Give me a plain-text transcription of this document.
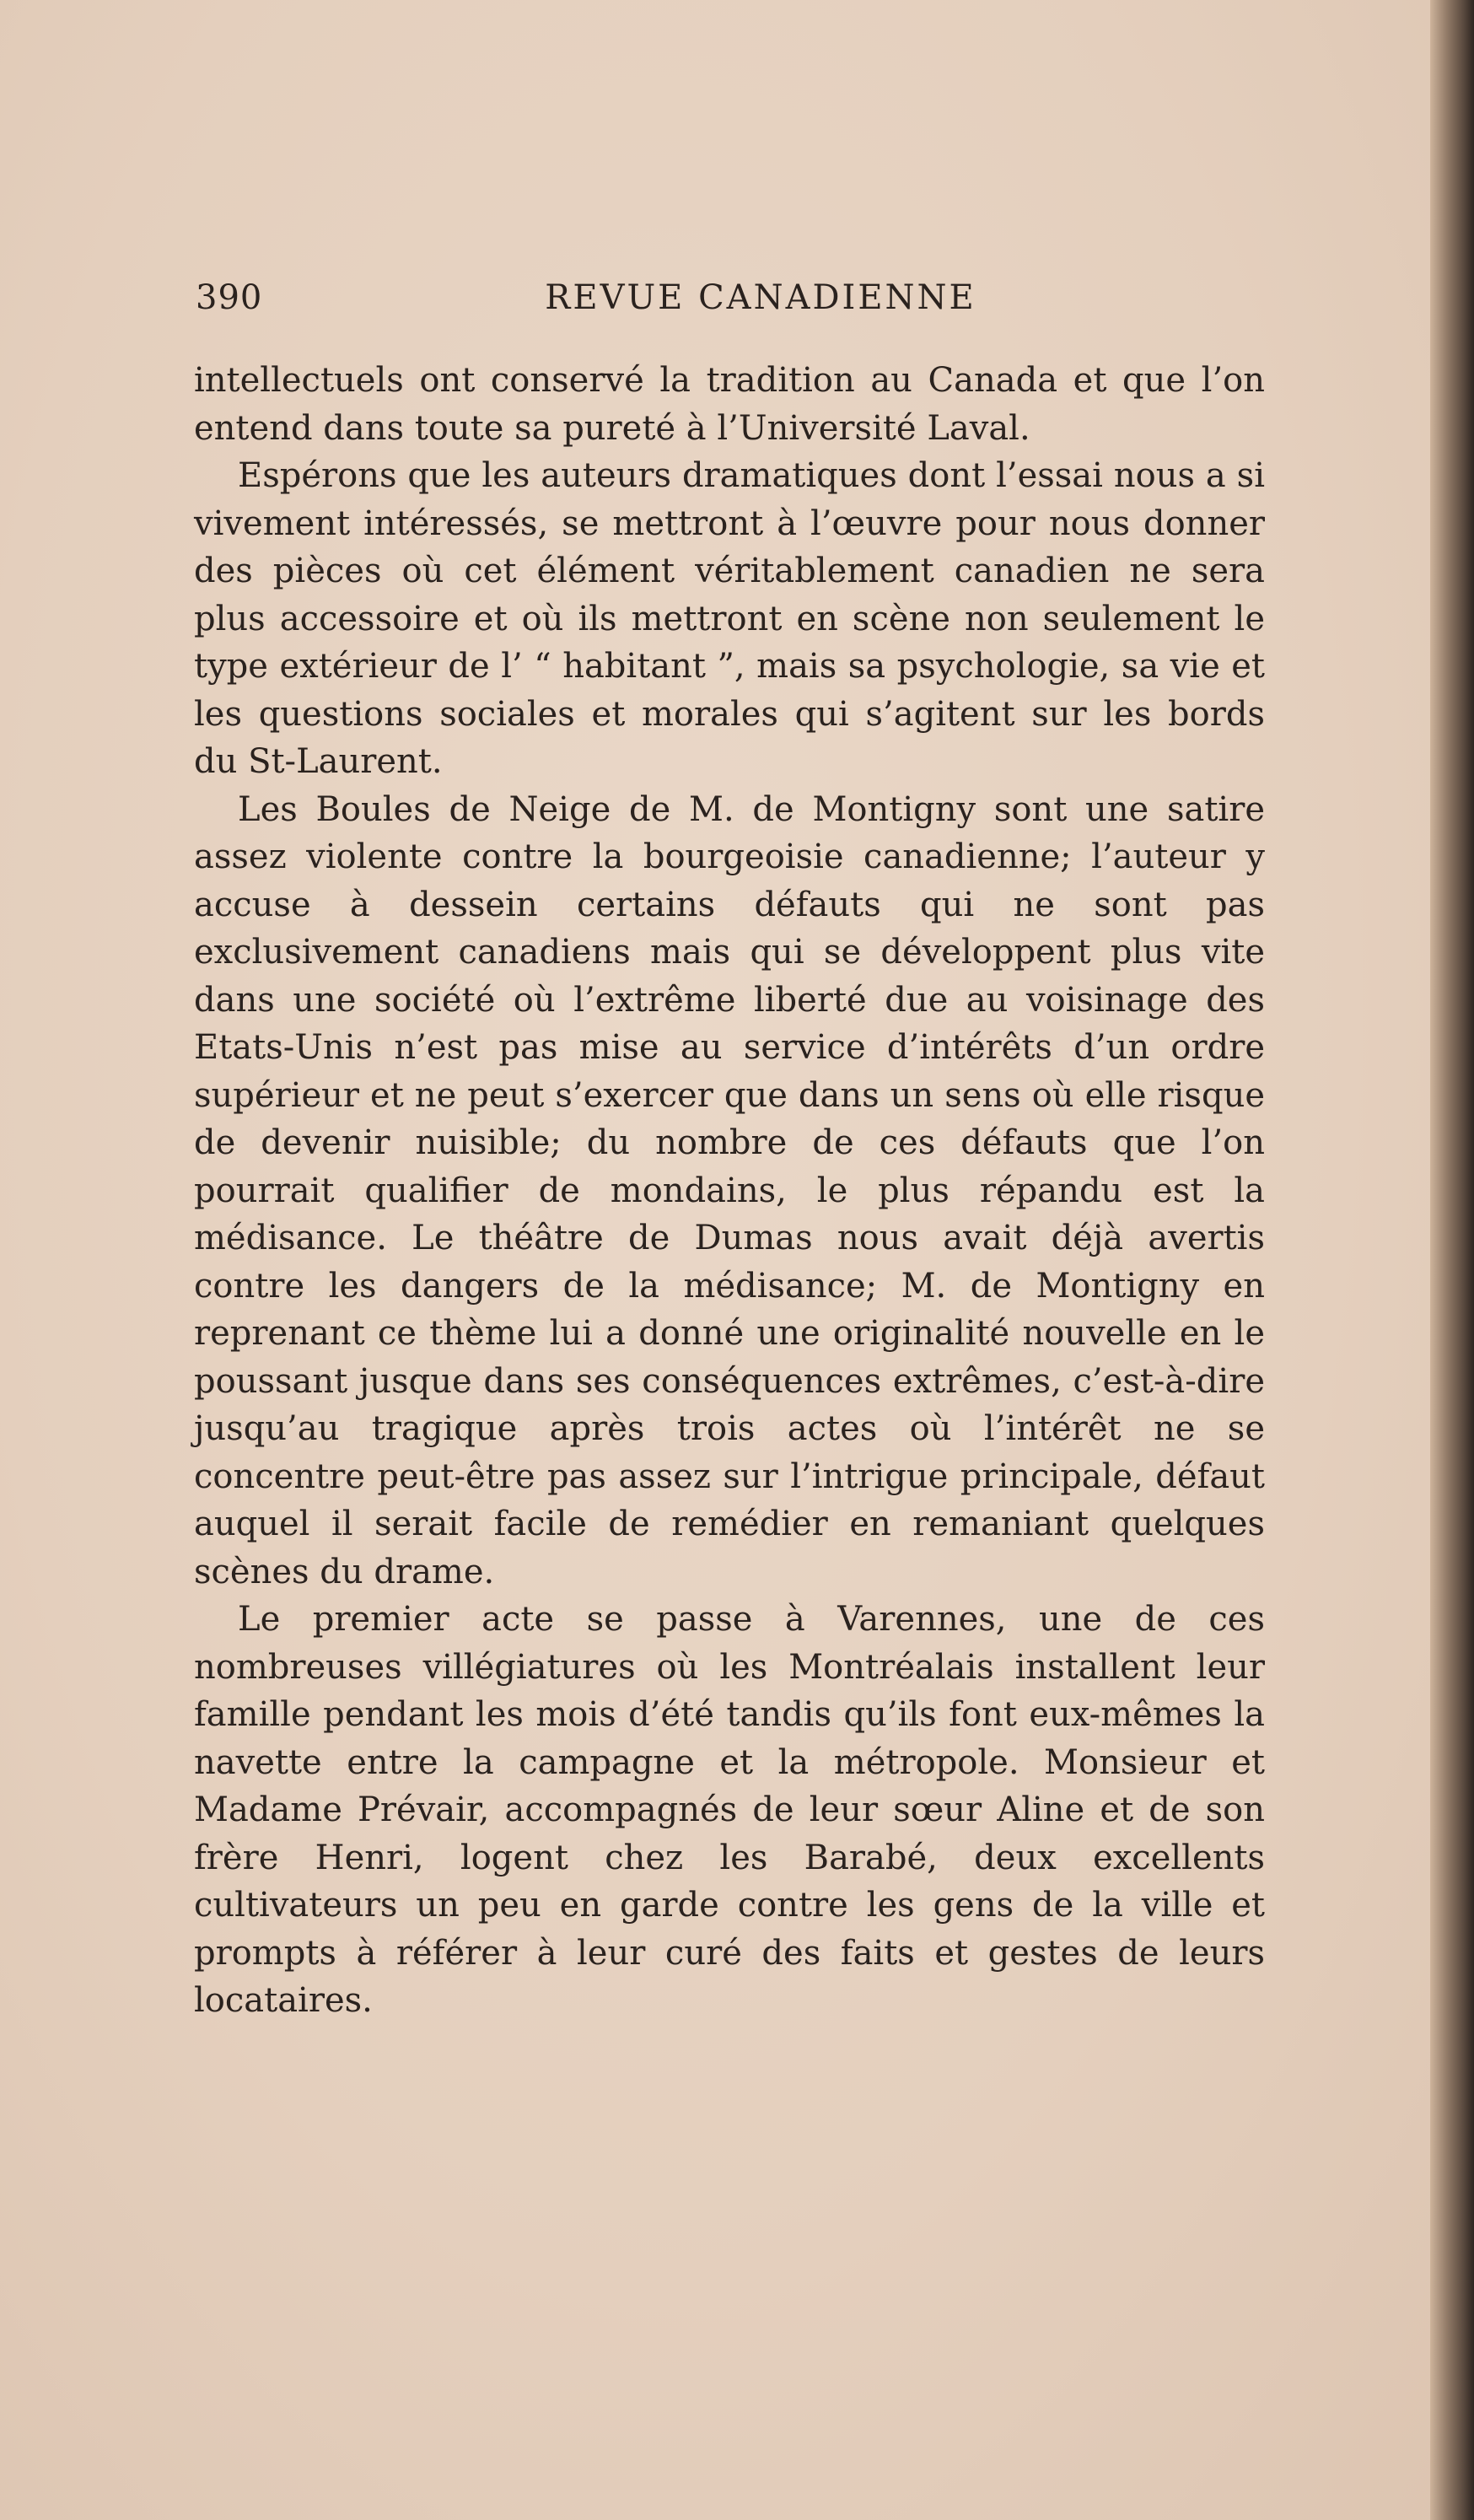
390	REVUE CANADIENNE

intellectuels ont conservé la tradition au Canada et que l’on entend dans toute sa pureté à l’Université Laval.

Espérons que les auteurs dramatiques dont l’essai nous a si vivement intéressés, se mettront à l’œuvre pour nous donner des pièces où cet élément véritablement canadien ne sera plus accessoire et où ils mettront en scène non seulement le type extérieur de l’ “ habitant ”, mais sa psychologie, sa vie et les questions sociales et morales qui s’agitent sur les bords du St-Laurent.

Les Boules de Neige de M. de Montigny sont une satire assez violente contre la bourgeoisie canadienne; l’auteur y accuse à dessein certains défauts qui ne sont pas exclusivement canadiens mais qui se développent plus vite dans une société où l’extrême liberté due au voisinage des Etats-Unis n’est pas mise au service d’intérêts d’un ordre supérieur et ne peut s’exercer que dans un sens où elle risque de devenir nuisible; du nombre de ces défauts que l’on pourrait qualifier de mondains, le plus répandu est la médisance. Le théâtre de Dumas nous avait déjà avertis contre les dangers de la médisance; M. de Montigny en reprenant ce thème lui a donné une originalité nouvelle en le poussant jusque dans ses conséquences extrêmes, c’est-à-dire jusqu’au tragique après trois actes où l’intérêt ne se concentre peut-être pas assez sur l’intrigue principale, défaut auquel il serait facile de remédier en remaniant quelques scènes du drame.

Le premier acte se passe à Varennes, une de ces nombreuses villégiatures où les Montréalais installent leur famille pendant les mois d’été tandis qu’ils font eux-mêmes la navette entre la campagne et la métropole. Monsieur et Madame Prévair, accompagnés de leur sœur Aline et de son frère Henri, logent chez les Barabé, deux excellents cultivateurs un peu en garde contre les gens de la ville et prompts à référer à leur curé des faits et gestes de leurs locataires.
